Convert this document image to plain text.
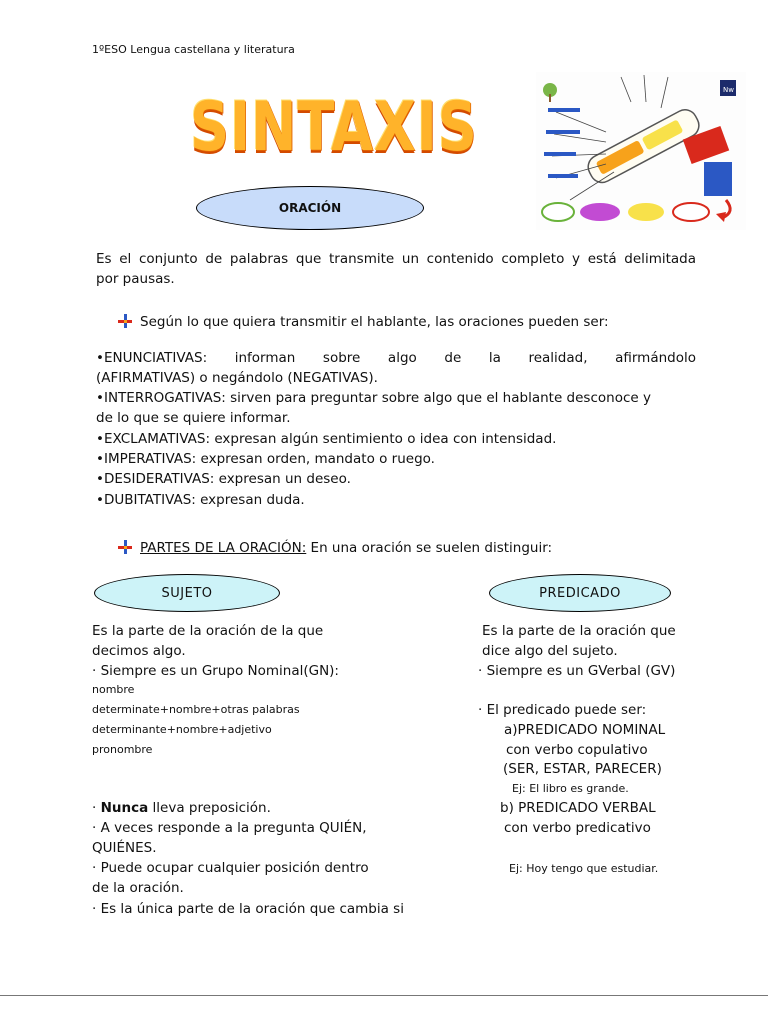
1ºESO Lengua castellana y literatura
SINTAXIS	Nw
ORACIÓN
Es el conjunto de palabras que transmite un contenido completo y está delimitada
por pausas.
Según lo que quiera transmitir el hablante, las oraciones pueden ser:
•ENUNCIATIVAS: informan sobre algo de la realidad, afirmándolo
(AFIRMATIVAS) o negándolo (NEGATIVAS).
•INTERROGATIVAS: sirven para preguntar sobre algo que el hablante desconoce y
de lo que se quiere informar.
•EXCLAMATIVAS: expresan algún sentimiento o idea con intensidad.
•IMPERATIVAS: expresan orden, mandato o ruego.
•DESIDERATIVAS: expresan un deseo.
•DUBITATIVAS: expresan duda.
PARTES DE LA ORACIÓN: En una oración se suelen distinguir:
SUJETO	PREDICADO
Es la parte de la oración de la que
decimos algo.
· Siempre es un Grupo Nominal(GN):
nombre
determinate+nombre+otras palabras
determinante+nombre+adjetivo
pronombre
· Nunca lleva preposición.
· A veces responde a la pregunta QUIÉN,
QUIÉNES.
· Puede ocupar cualquier posición dentro
de la oración.
· Es la única parte de la oración que cambia si
Es la parte de la oración que
dice algo del sujeto.
· Siempre es un GVerbal (GV)
· El predicado puede ser:
a)PREDICADO NOMINAL
con verbo copulativo
(SER, ESTAR, PARECER)
Ej: El libro es grande.
b) PREDICADO VERBAL
con verbo predicativo
Ej: Hoy tengo que estudiar.
